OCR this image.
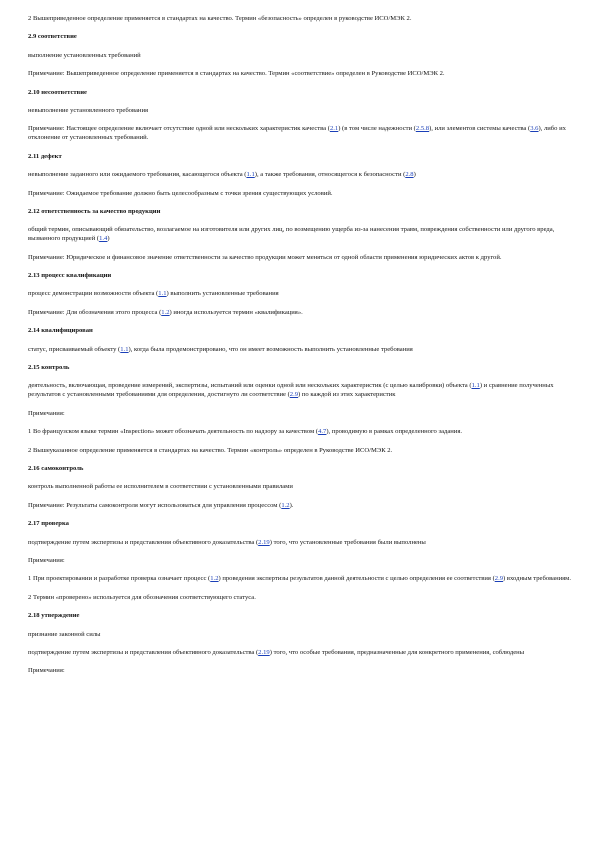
2 Вышеприведенное определение применяется в стандартах на качество. Термин «безопасность» определен в руководстве ИСО/МЭК 2.

2.9 соответствие

выполнение установленных требований

Примечание: Вышеприведенное определение применяется в стандартах на качество. Термин «соответствие» определен в Руководстве ИСО/МЭК 2.

2.10 несоответствие

невыполнение установленного требования

Примечание: Настоящее определение включает отсутствие одной или нескольких характеристик качества (2.1) (в том числе надежности (2.5.8), или элементов системы качества (3.6), либо их отклонение от установленных требований.

2.11 дефект

невыполнение заданного или ожидаемого требования, касающегося объекта (1.1), а также требования, относящегося к безопасности (2.8)

Примечание: Ожидаемое требование должно быть целесообразным с точки зрения существующих условий.

2.12 ответственность за качество продукции

общий термин, описывающий обязательство, возлагаемое на изготовителя или других лиц, по возмещению ущерба из-за нанесения травм, повреждения собственности или другого вреда, вызванного продукцией (1.4)

Примечание: Юридическое и финансовое значение ответственности за качество продукции может меняться от одной области применения юридических актов к другой.

2.13 процесс квалификации

процесс демонстрации возможности объекта (1.1) выполнить установленные требования

Примечание: Для обозначения этого процесса (1.2) иногда используется термин «квалификация».

2.14 квалифицирован

статус, присваиваемый объекту (1.1), когда была продемонстрировано, что он имеет возможность выполнить установленные требования

2.15 контроль

деятельность, включающая, проведение измерений, экспертизы, испытаний или оценки одной или нескольких характеристик (с целью калибровки) объекта (1.1) и сравнение полученных результатов с установленными требованиями для определения, достигнуто ли соответствие (2.9) по каждой из этих характеристик

Примечания:

1 Во французском языке термин «Inspection» может обозначать деятельность по надзору за качеством (4.7), проводимую в рамках определенного задания.

2 Вышеуказанное определение применяется в стандартах на качество. Термин «контроль» определен в Руководстве ИСО/МЭК 2.

2.16 самоконтроль

контроль выполненной работы ее исполнителем в соответствии с установленными правилами

Примечание: Результаты самоконтроля могут использоваться для управления процессом (1.2).

2.17 проверка

подтверждение путем экспертизы и представления объективного доказательства (2.19) того, что установленные требования были выполнены

Примечания:

1 При проектировании и разработке проверка означает процесс (1.2) проведения экспертизы результатов данной деятельности с целью определения ее соответствия (2.9) входным требованиям.

2 Термин «проверено» используется для обозначения соответствующего статуса.

2.18 утверждение

признание законной силы

подтверждение путем экспертизы и представления объективного доказательства (2.19) того, что особые требования, предназначенные для конкретного применения, соблюдены

Примечания:
